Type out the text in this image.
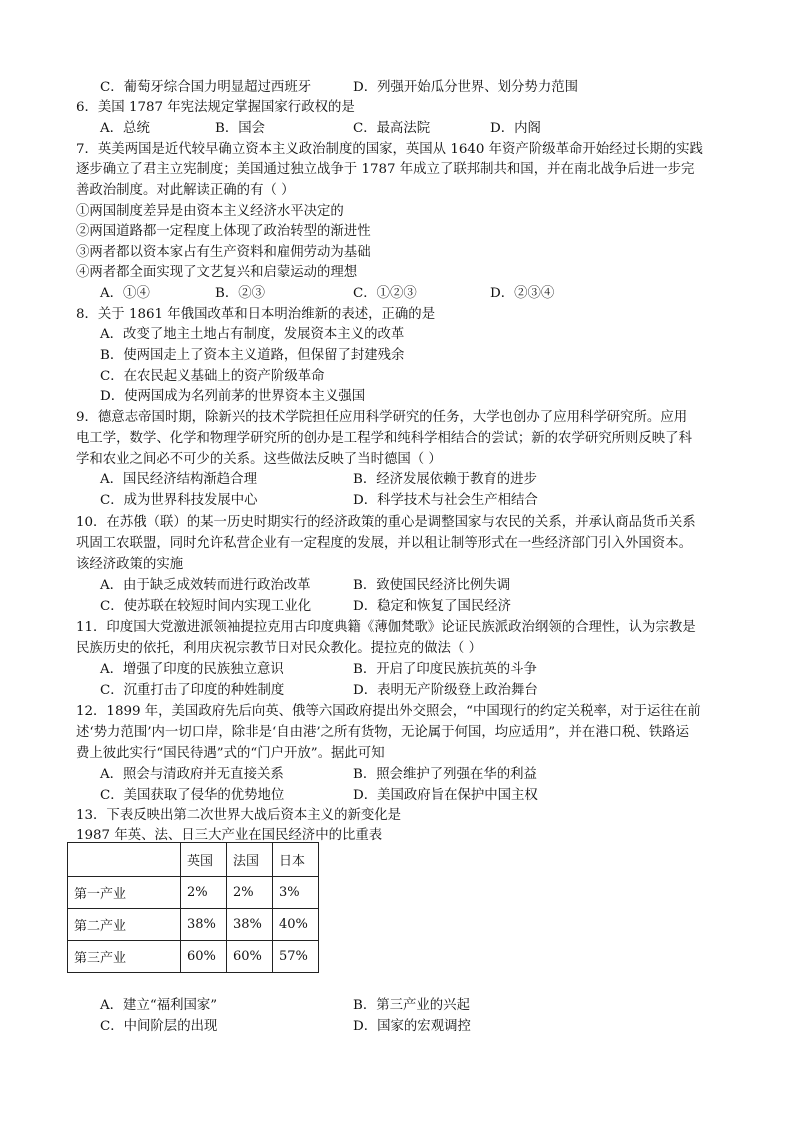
C．葡萄牙综合国力明显超过西班牙	D．列强开始瓜分世界、划分势力范围
6．美国 1787 年宪法规定掌握国家行政权的是
A．总统	B．国会	C．最高法院	D．内阁
7．英美两国是近代较早确立资本主义政治制度的国家，英国从 1640 年资产阶级革命开始经过长期的实践
逐步确立了君主立宪制度；美国通过独立战争于 1787 年成立了联邦制共和国，并在南北战争后进一步完
善政治制度。对此解读正确的有（ ）
①两国制度差异是由资本主义经济水平决定的
②两国道路都一定程度上体现了政治转型的渐进性
③两者都以资本家占有生产资料和雇佣劳动为基础
④两者都全面实现了文艺复兴和启蒙运动的理想
A．①④	B．②③	C．①②③	D．②③④
8．关于 1861 年俄国改革和日本明治维新的表述，正确的是
A．改变了地主土地占有制度，发展资本主义的改革
B．使两国走上了资本主义道路，但保留了封建残余
C．在农民起义基础上的资产阶级革命
D．使两国成为名列前茅的世界资本主义强国
9．德意志帝国时期，除新兴的技术学院担任应用科学研究的任务，大学也创办了应用科学研究所。应用
电工学，数学、化学和物理学研究所的创办是工程学和纯科学相结合的尝试；新的农学研究所则反映了科
学和农业之间必不可少的关系。这些做法反映了当时德国（ ）
A．国民经济结构渐趋合理	B．经济发展依赖于教育的进步
C．成为世界科技发展中心	D．科学技术与社会生产相结合
10．在苏俄（联）的某一历史时期实行的经济政策的重心是调整国家与农民的关系，并承认商品货币关系
巩固工农联盟，同时允许私营企业有一定程度的发展，并以租让制等形式在一些经济部门引入外国资本。
该经济政策的实施
A．由于缺乏成效转而进行政治改革	B．致使国民经济比例失调
C．使苏联在较短时间内实现工业化	D．稳定和恢复了国民经济
11．印度国大党激进派领袖提拉克用古印度典籍《薄伽梵歌》论证民族派政治纲领的合理性，认为宗教是
民族历史的依托，利用庆祝宗教节日对民众教化。提拉克的做法（ ）
A．增强了印度的民族独立意识	B．开启了印度民族抗英的斗争
C．沉重打击了印度的种姓制度	D．表明无产阶级登上政治舞台
12．1899 年，美国政府先后向英、俄等六国政府提出外交照会，“中国现行的约定关税率，对于运往在前
述‘势力范围’内一切口岸，除非是‘自由港’之所有货物，无论属于何国，均应适用”，并在港口税、铁路运
费上彼此实行“国民待遇”式的“门户开放”。据此可知
A．照会与清政府并无直接关系	B．照会维护了列强在华的利益
C．美国获取了侵华的优势地位	D．美国政府旨在保护中国主权
13．下表反映出第二次世界大战后资本主义的新变化是
1987 年英、法、日三大产业在国民经济中的比重表
	英国	法国	日本
第一产业	2%	2%	3%
第二产业	38%	38%	40%
第三产业	60%	60%	57%
A．建立“福利国家”	B．第三产业的兴起
C．中间阶层的出现	D．国家的宏观调控
